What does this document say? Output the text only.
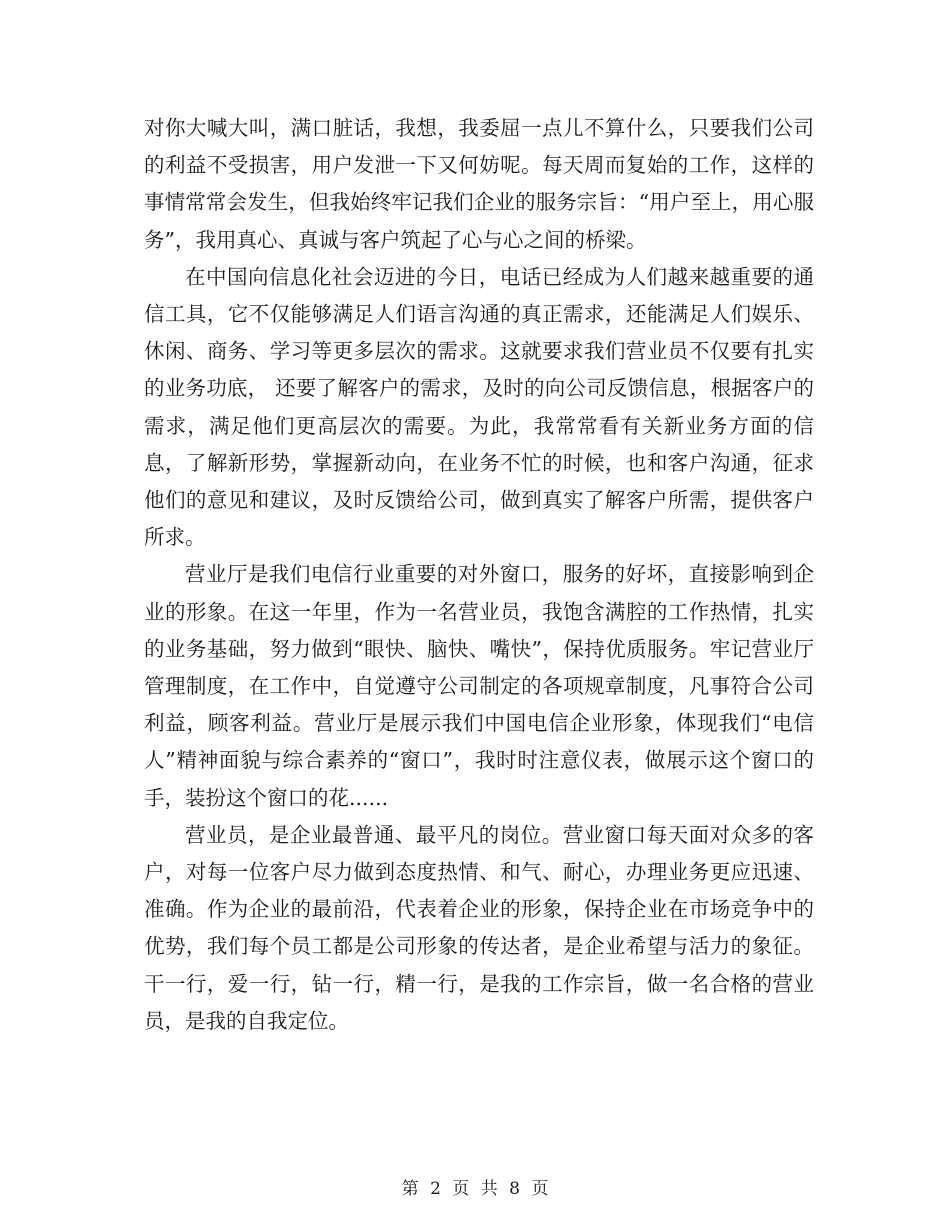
对你大喊大叫，满口脏话，我想，我委屈一点儿不算什么，只要我们公司的利益不受损害，用户发泄一下又何妨呢。每天周而复始的工作，这样的事情常常会发生，但我始终牢记我们企业的服务宗旨：“用户至上，用心服务”，我用真心、真诚与客户筑起了心与心之间的桥梁。

在中国向信息化社会迈进的今日，电话已经成为人们越来越重要的通信工具，它不仅能够满足人们语言沟通的真正需求，还能满足人们娱乐、休闲、商务、学习等更多层次的需求。这就要求我们营业员不仅要有扎实的业务功底， 还要了解客户的需求，及时的向公司反馈信息，根据客户的需求，满足他们更高层次的需要。为此，我常常看有关新业务方面的信息，了解新形势，掌握新动向，在业务不忙的时候，也和客户沟通，征求他们的意见和建议，及时反馈给公司，做到真实了解客户所需，提供客户所求。

营业厅是我们电信行业重要的对外窗口，服务的好坏，直接影响到企业的形象。在这一年里，作为一名营业员，我饱含满腔的工作热情，扎实的业务基础，努力做到“眼快、脑快、嘴快”，保持优质服务。牢记营业厅管理制度，在工作中，自觉遵守公司制定的各项规章制度，凡事符合公司利益，顾客利益。营业厅是展示我们中国电信企业形象，体现我们“电信人”精神面貌与综合素养的“窗口”，我时时注意仪表，做展示这个窗口的手，装扮这个窗口的花......

营业员，是企业最普通、最平凡的岗位。营业窗口每天面对众多的客户，对每一位客户尽力做到态度热情、和气、耐心，办理业务更应迅速、准确。作为企业的最前沿，代表着企业的形象，保持企业在市场竞争中的优势，我们每个员工都是公司形象的传达者，是企业希望与活力的象征。干一行，爱一行，钻一行，精一行，是我的工作宗旨，做一名合格的营业员，是我的自我定位。

第 2 页 共 8 页
